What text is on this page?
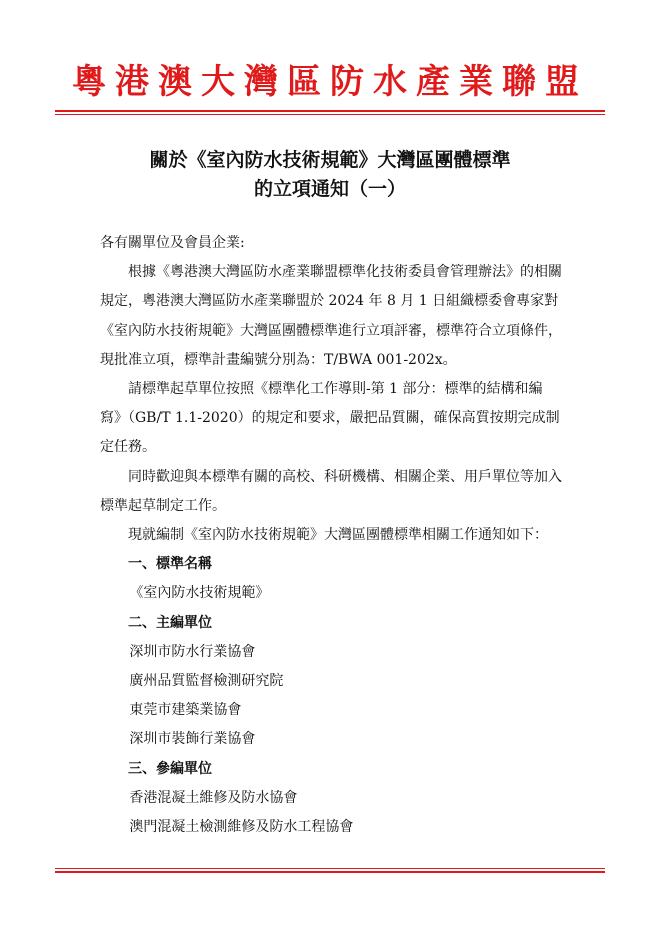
粵港澳大灣區防水產業聯盟
關於《室內防水技術規範》大灣區團體標準
的立項通知（一）

各有關單位及會員企業:

根據《粵港澳大灣區防水產業聯盟標準化技術委員會管理辦法》的相關規定，粵港澳大灣區防水產業聯盟於 2024 年 8 月 1 日組織標委會專家對《室內防水技術規範》大灣區團體標準進行立項評審，標準符合立項條件，現批准立項，標準計畫編號分別為：T/BWA 001-202x。

請標準起草單位按照《標準化工作導則-第 1 部分：標準的結構和編寫》（GB/T 1.1-2020）的規定和要求，嚴把品質關，確保高質按期完成制定任務。

同時歡迎與本標準有關的高校、科研機構、相關企業、用戶單位等加入標準起草制定工作。

現就編制《室內防水技術規範》大灣區團體標準相關工作通知如下：

一、標準名稱

《室內防水技術規範》

二、主編單位

深圳市防水行業協會

廣州品質監督檢測研究院

東莞市建築業協會

深圳市裝飾行業協會

三、參編單位

香港混凝土維修及防水協會

澳門混凝土檢測維修及防水工程協會
